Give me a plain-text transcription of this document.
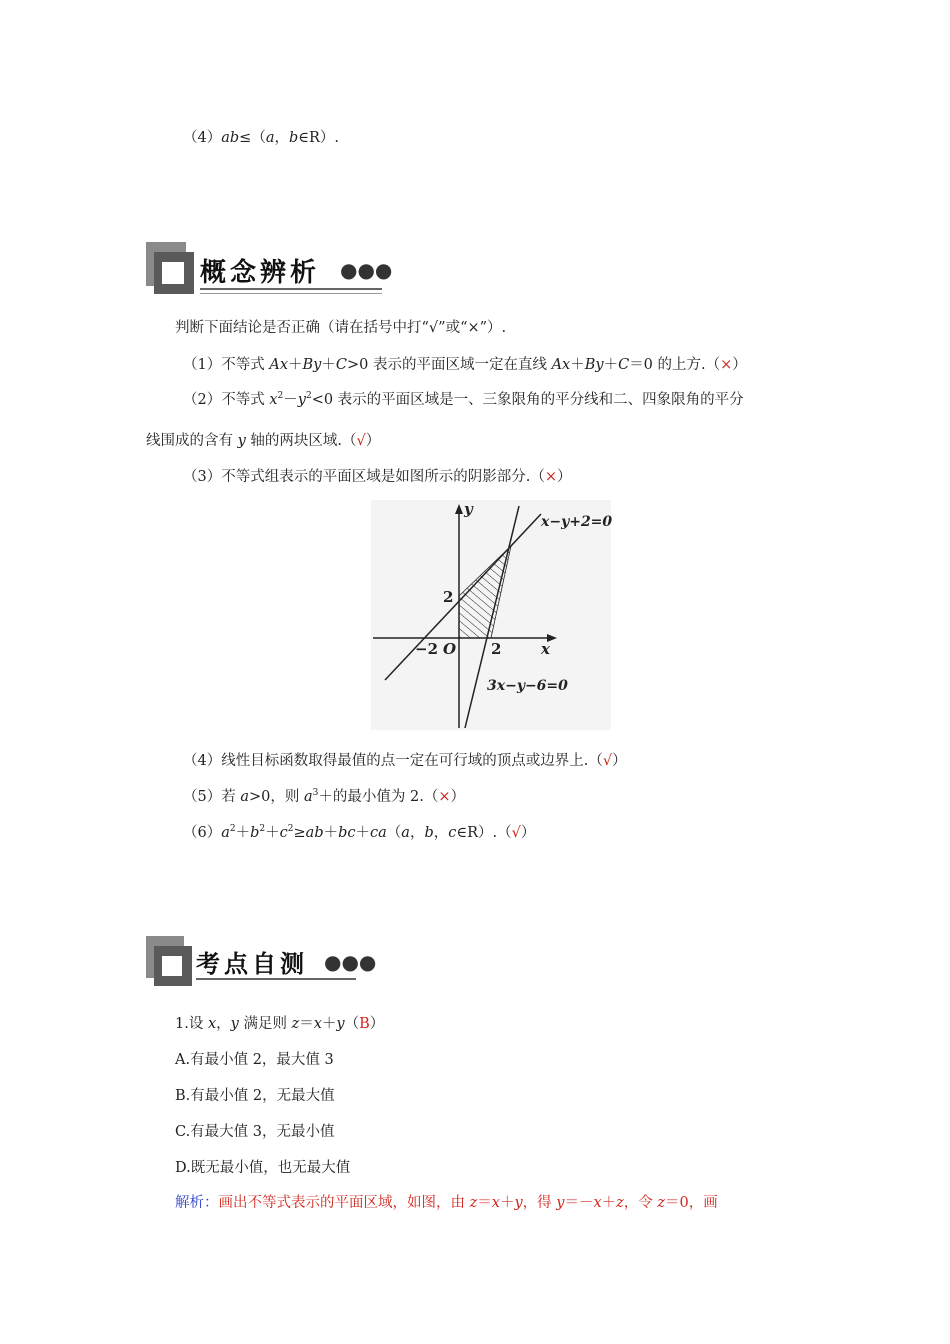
（4）ab≤（a，b∈R）.
概念辨析 ●●●
判断下面结论是否正确（请在括号中打“√”或“×”）.
（1）不等式 Ax＋By＋C>0 表示的平面区域一定在直线 Ax＋By＋C＝0 的上方.（×）
（2）不等式 $x^2-y^2<0$ 表示的平面区域是一、三象限角的平分线和二、四象限角的平分
线围成的含有 y 轴的两块区域.（√）
（3）不等式组表示的平面区域是如图所示的阴影部分.（×）
y
x
O
−2
2
2
x−y+2=0
3x−y−6=0
（4）线性目标函数取得最值的点一定在可行域的顶点或边界上.（√）
（5）若 a>0，则 $a^3+$的最小值为 2.（×）
$(6)a^2+b^2+c^2\ge ab+bc+ca(a$，b，c∈R）.（√）
考点自测 ●●●
1.设 x，y 满足则 z＝x＋y（B）
A.有最小值 2，最大值 3
B.有最小值 2，无最大值
C.有最大值 3，无最小值
D.既无最小值，也无最大值
解析：画出不等式表示的平面区域，如图，由 z＝x＋y，得 y＝－x＋z，令 z＝0，画
